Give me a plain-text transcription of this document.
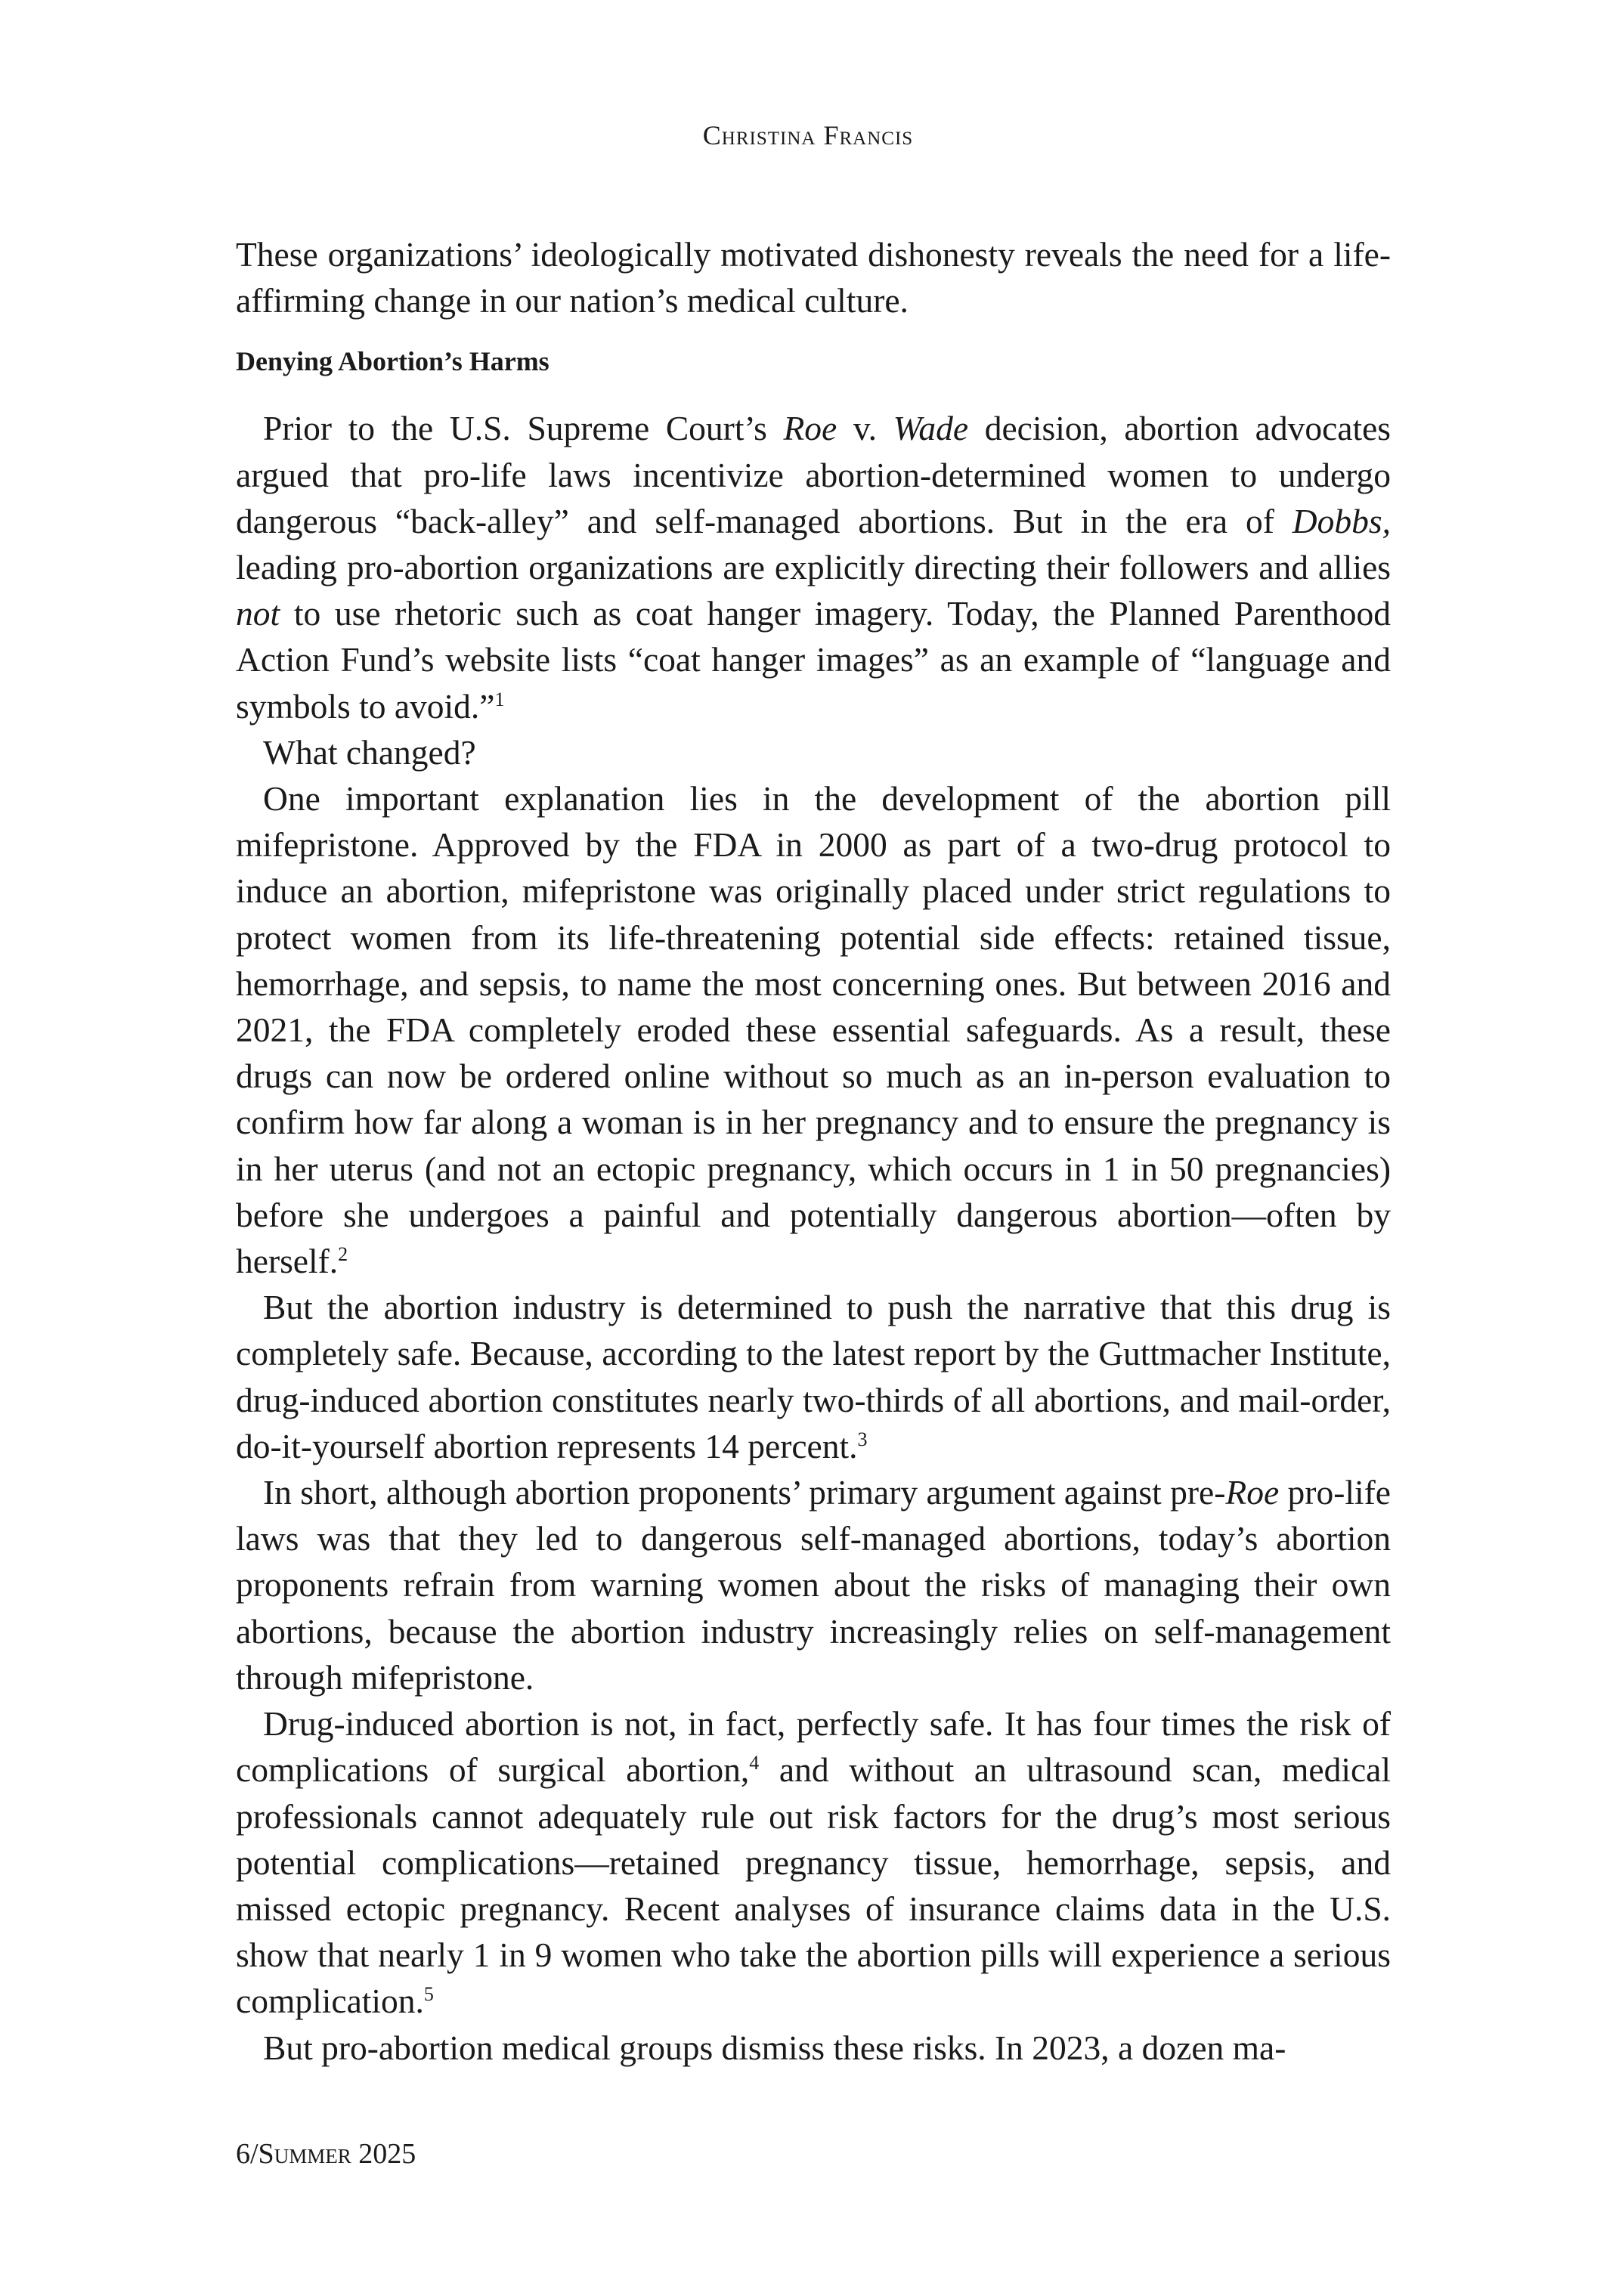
Christina Francis

These organizations’ ideologically motivated dishonesty reveals the need for a life-affirming change in our nation’s medical culture.

Denying Abortion’s Harms

Prior to the U.S. Supreme Court’s Roe v. Wade decision, abortion advocates argued that pro-life laws incentivize abortion-determined women to undergo dangerous “back-alley” and self-managed abortions. But in the era of Dobbs, leading pro-abortion organizations are explicitly directing their followers and allies not to use rhetoric such as coat hanger imagery. Today, the Planned Parenthood Action Fund’s website lists “coat hanger images” as an example of “language and symbols to avoid.”$^1$

What changed?

One important explanation lies in the development of the abortion pill mifepristone. Approved by the FDA in 2000 as part of a two-drug protocol to induce an abortion, mifepristone was originally placed under strict regulations to protect women from its life-threatening potential side effects: retained tissue, hemorrhage, and sepsis, to name the most concerning ones. But between 2016 and 2021, the FDA completely eroded these essential safeguards. As a result, these drugs can now be ordered online without so much as an in-person evaluation to confirm how far along a woman is in her pregnancy and to ensure the pregnancy is in her uterus (and not an ectopic pregnancy, which occurs in 1 in 50 pregnancies) before she undergoes a painful and potentially dangerous abortion—often by herself.$^2$

But the abortion industry is determined to push the narrative that this drug is completely safe. Because, according to the latest report by the Guttmacher Institute, drug-induced abortion constitutes nearly two-thirds of all abortions, and mail-order, do-it-yourself abortion represents 14 percent.$^3$

In short, although abortion proponents’ primary argument against pre-Roe pro-life laws was that they led to dangerous self-managed abortions, today’s abortion proponents refrain from warning women about the risks of managing their own abortions, because the abortion industry increasingly relies on self-management through mifepristone.

Drug-induced abortion is not, in fact, perfectly safe. It has four times the risk of complications of surgical abortion,$^4$ and without an ultrasound scan, medical professionals cannot adequately rule out risk factors for the drug’s most serious potential complications—retained pregnancy tissue, hemorrhage, sepsis, and missed ectopic pregnancy. Recent analyses of insurance claims data in the U.S. show that nearly 1 in 9 women who take the abortion pills will experience a serious complication.$^5$

But pro-abortion medical groups dismiss these risks. In 2023, a dozen ma-

6/Summer 2025
